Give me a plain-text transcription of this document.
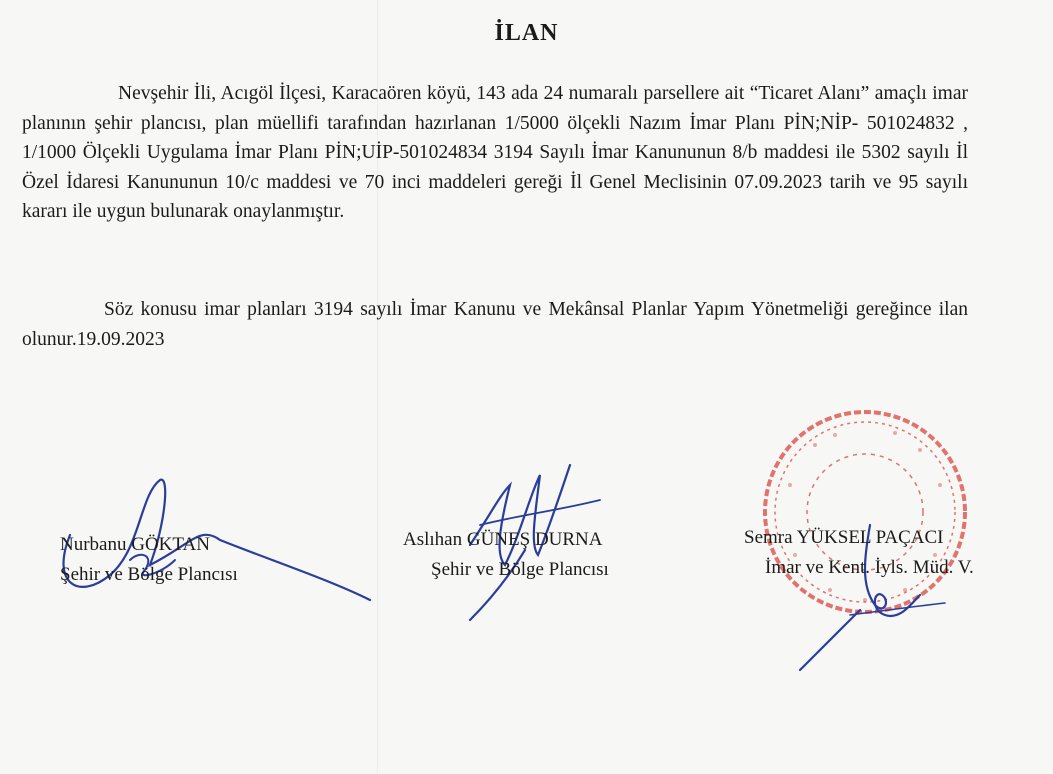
İLAN

Nevşehir İli, Acıgöl İlçesi, Karacaören köyü, 143 ada 24 numaralı parsellere ait “Ticaret Alanı” amaçlı imar planının şehir plancısı, plan müellifi tarafından hazırlanan 1/5000 ölçekli Nazım İmar Planı PİN;NİP- 501024832 , 1/1000 Ölçekli Uygulama İmar Planı PİN;UİP-501024834 3194 Sayılı İmar Kanununun 8/b maddesi ile 5302 sayılı İl Özel İdaresi Kanununun 10/c maddesi ve 70 inci maddeleri gereği İl Genel Meclisinin 07.09.2023 tarih ve 95 sayılı kararı ile uygun bulunarak onaylanmıştır.

Söz konusu imar planları 3194 sayılı İmar Kanunu ve Mekânsal Planlar Yapım Yönetmeliği gereğince ilan olunur.19.09.2023

Nurbanu GÖKTAN
Şehir ve Bölge Plancısı
Aslıhan GÜNEŞ DURNA
Şehir ve Bölge Plancısı
Semra YÜKSEL PAÇACI
İmar ve Kent. İyls. Müd. V.
